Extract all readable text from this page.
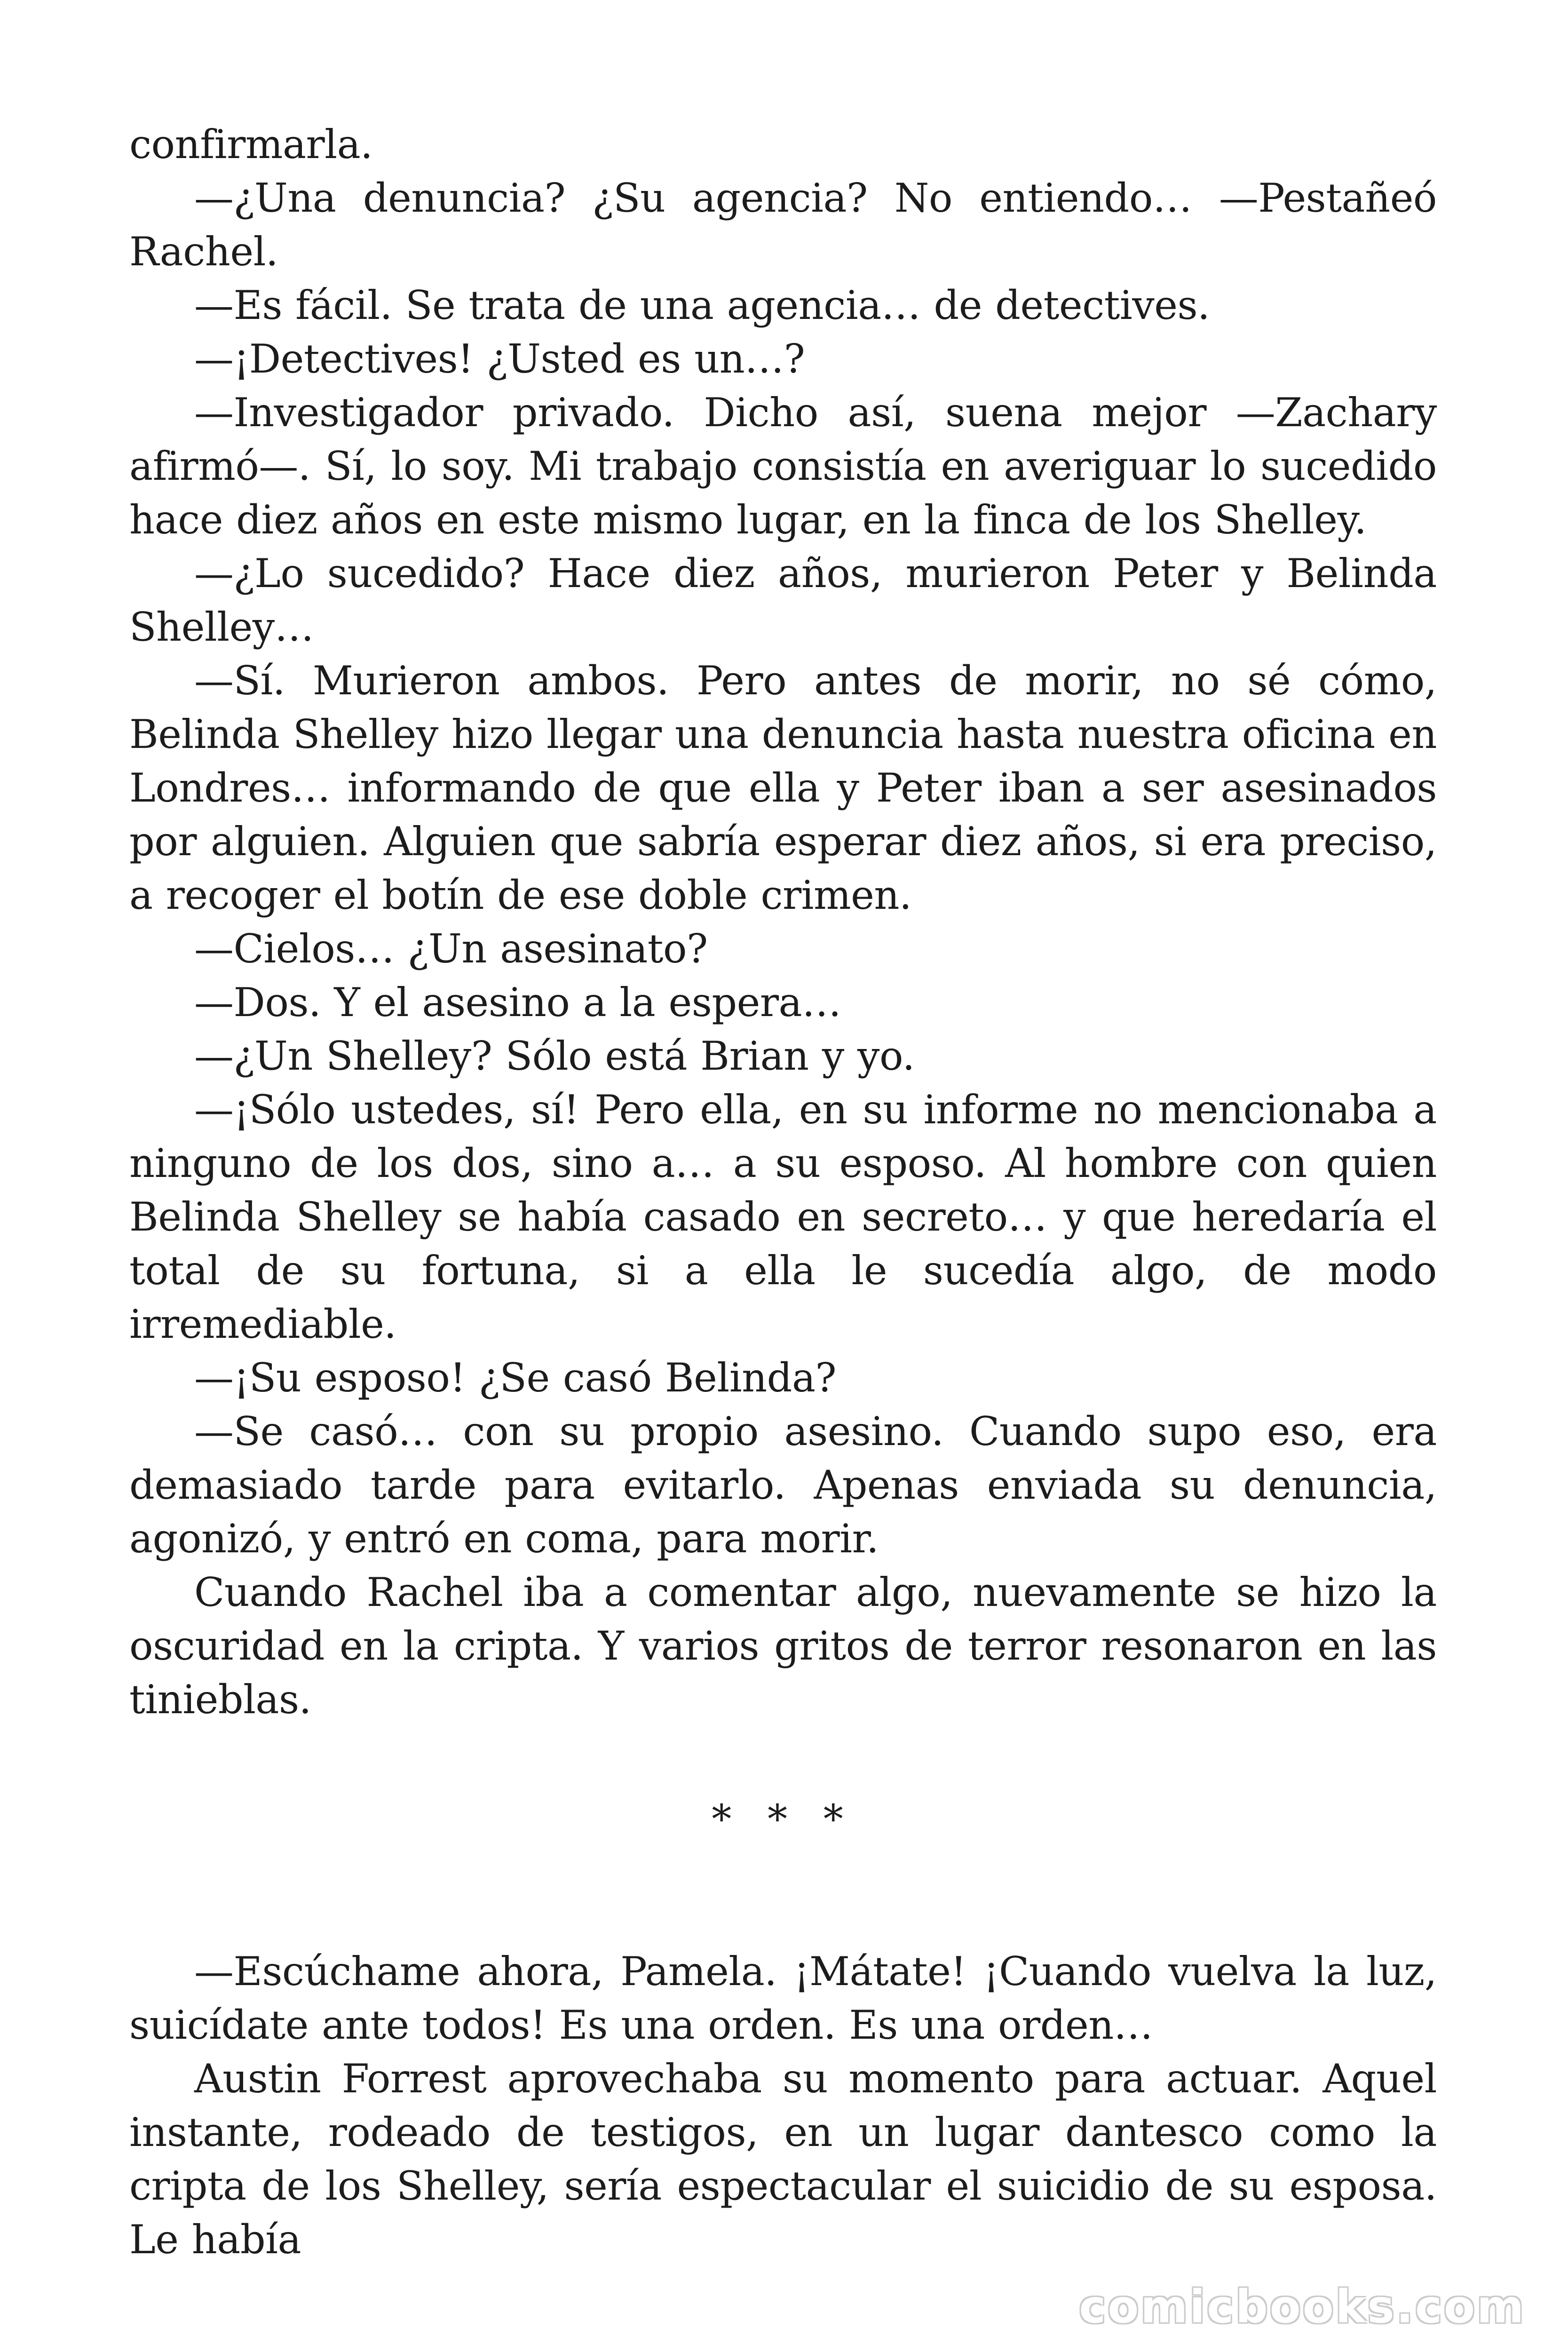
confirmarla.

—¿Una denuncia? ¿Su agencia? No entiendo… —Pestañeó Rachel.

—Es fácil. Se trata de una agencia… de detectives.

—¡Detectives! ¿Usted es un…?

—Investigador privado. Dicho así, suena mejor —Zachary afirmó—. Sí, lo soy. Mi trabajo consistía en averiguar lo sucedido hace diez años en este mismo lugar, en la finca de los Shelley.

—¿Lo sucedido? Hace diez años, murieron Peter y Belinda Shelley…

—Sí. Murieron ambos. Pero antes de morir, no sé cómo, Belinda Shelley hizo llegar una denuncia hasta nuestra oficina en Londres… informando de que ella y Peter iban a ser asesinados por alguien. Alguien que sabría esperar diez años, si era preciso, a recoger el botín de ese doble crimen.

—Cielos… ¿Un asesinato?

—Dos. Y el asesino a la espera…

—¿Un Shelley? Sólo está Brian y yo.

—¡Sólo ustedes, sí! Pero ella, en su informe no mencionaba a ninguno de los dos, sino a… a su esposo. Al hombre con quien Belinda Shelley se había casado en secreto… y que heredaría el total de su fortuna, si a ella le sucedía algo, de modo irremediable.

—¡Su esposo! ¿Se casó Belinda?

—Se casó… con su propio asesino. Cuando supo eso, era demasiado tarde para evitarlo. Apenas enviada su denuncia, agonizó, y entró en coma, para morir.

Cuando Rachel iba a comentar algo, nuevamente se hizo la oscuridad en la cripta. Y varios gritos de terror resonaron en las tinieblas.

* * *

—Escúchame ahora, Pamela. ¡Mátate! ¡Cuando vuelva la luz, suicídate ante todos! Es una orden. Es una orden…

Austin Forrest aprovechaba su momento para actuar. Aquel instante, rodeado de testigos, en un lugar dantesco como la cripta de los Shelley, sería espectacular el suicidio de su esposa. Le había

comicbooks.com
